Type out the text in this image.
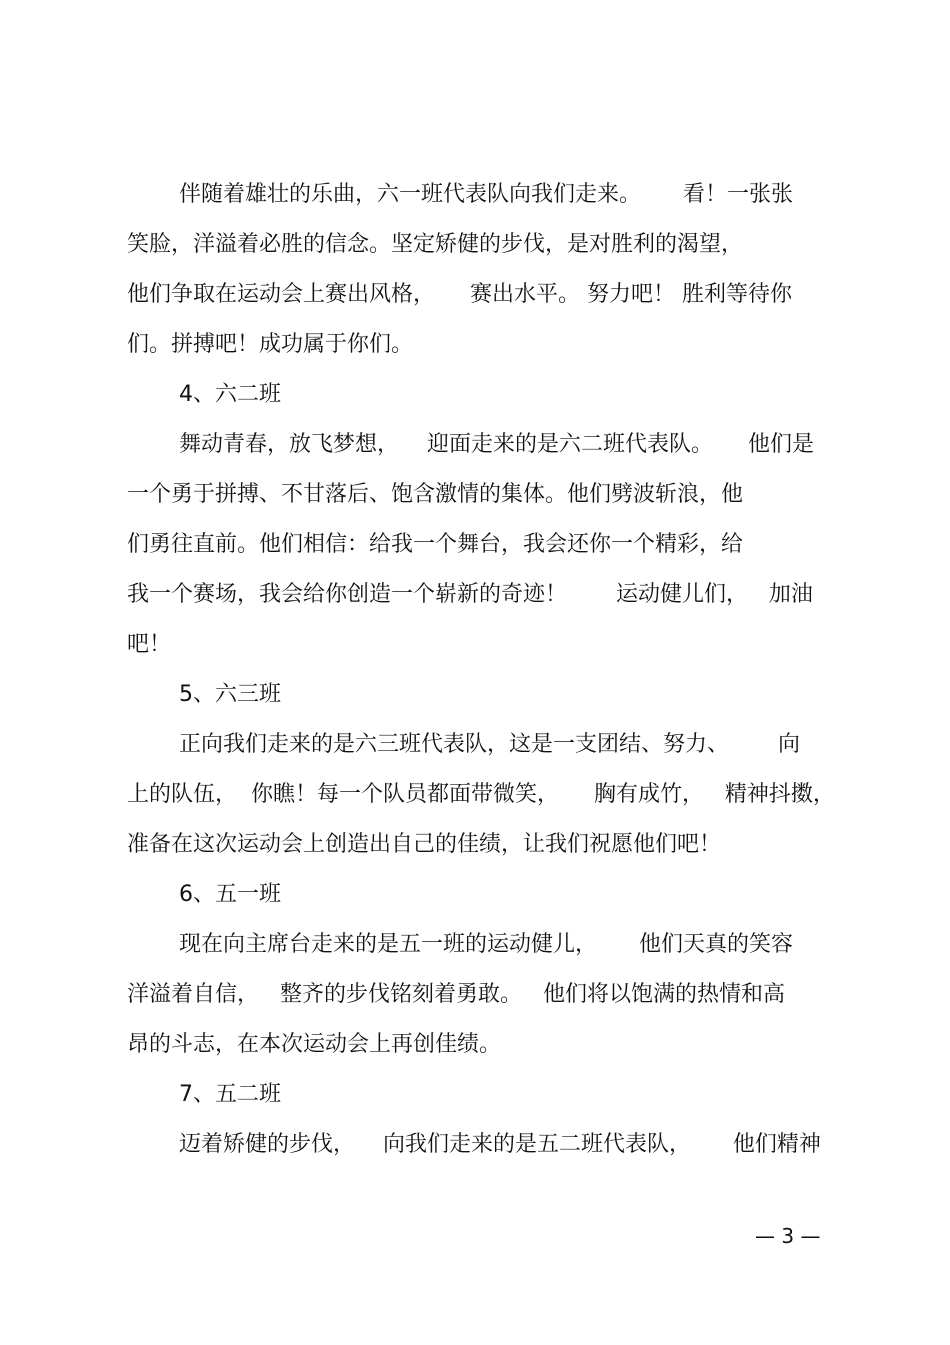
伴随着雄壮的乐曲，六一班代表队向我们走来。      看！一张张
笑脸，洋溢着必胜的信念。坚定矫健的步伐，是对胜利的渴望，
他们争取在运动会上赛出风格，     赛出水平。 努力吧！ 胜利等待你
们。拼搏吧！成功属于你们。
4、六二班
舞动青春，放飞梦想，    迎面走来的是六二班代表队。     他们是
一个勇于拼搏、不甘落后、饱含激情的集体。他们劈波斩浪，他
们勇往直前。他们相信：给我一个舞台，我会还你一个精彩，给
我一个赛场，我会给你创造一个崭新的奇迹！       运动健儿们，   加油
吧！
5、六三班
正向我们走来的是六三班代表队，这是一支团结、努力、       向
上的队伍，  你瞧！每一个队员都面带微笑，     胸有成竹，   精神抖擞，
准备在这次运动会上创造出自己的佳绩，让我们祝愿他们吧！
6、五一班
现在向主席台走来的是五一班的运动健儿，      他们天真的笑容
洋溢着自信，   整齐的步伐铭刻着勇敢。   他们将以饱满的热情和高
昂的斗志，在本次运动会上再创佳绩。
7、五二班
迈着矫健的步伐，    向我们走来的是五二班代表队，      他们精神
— 3 —
